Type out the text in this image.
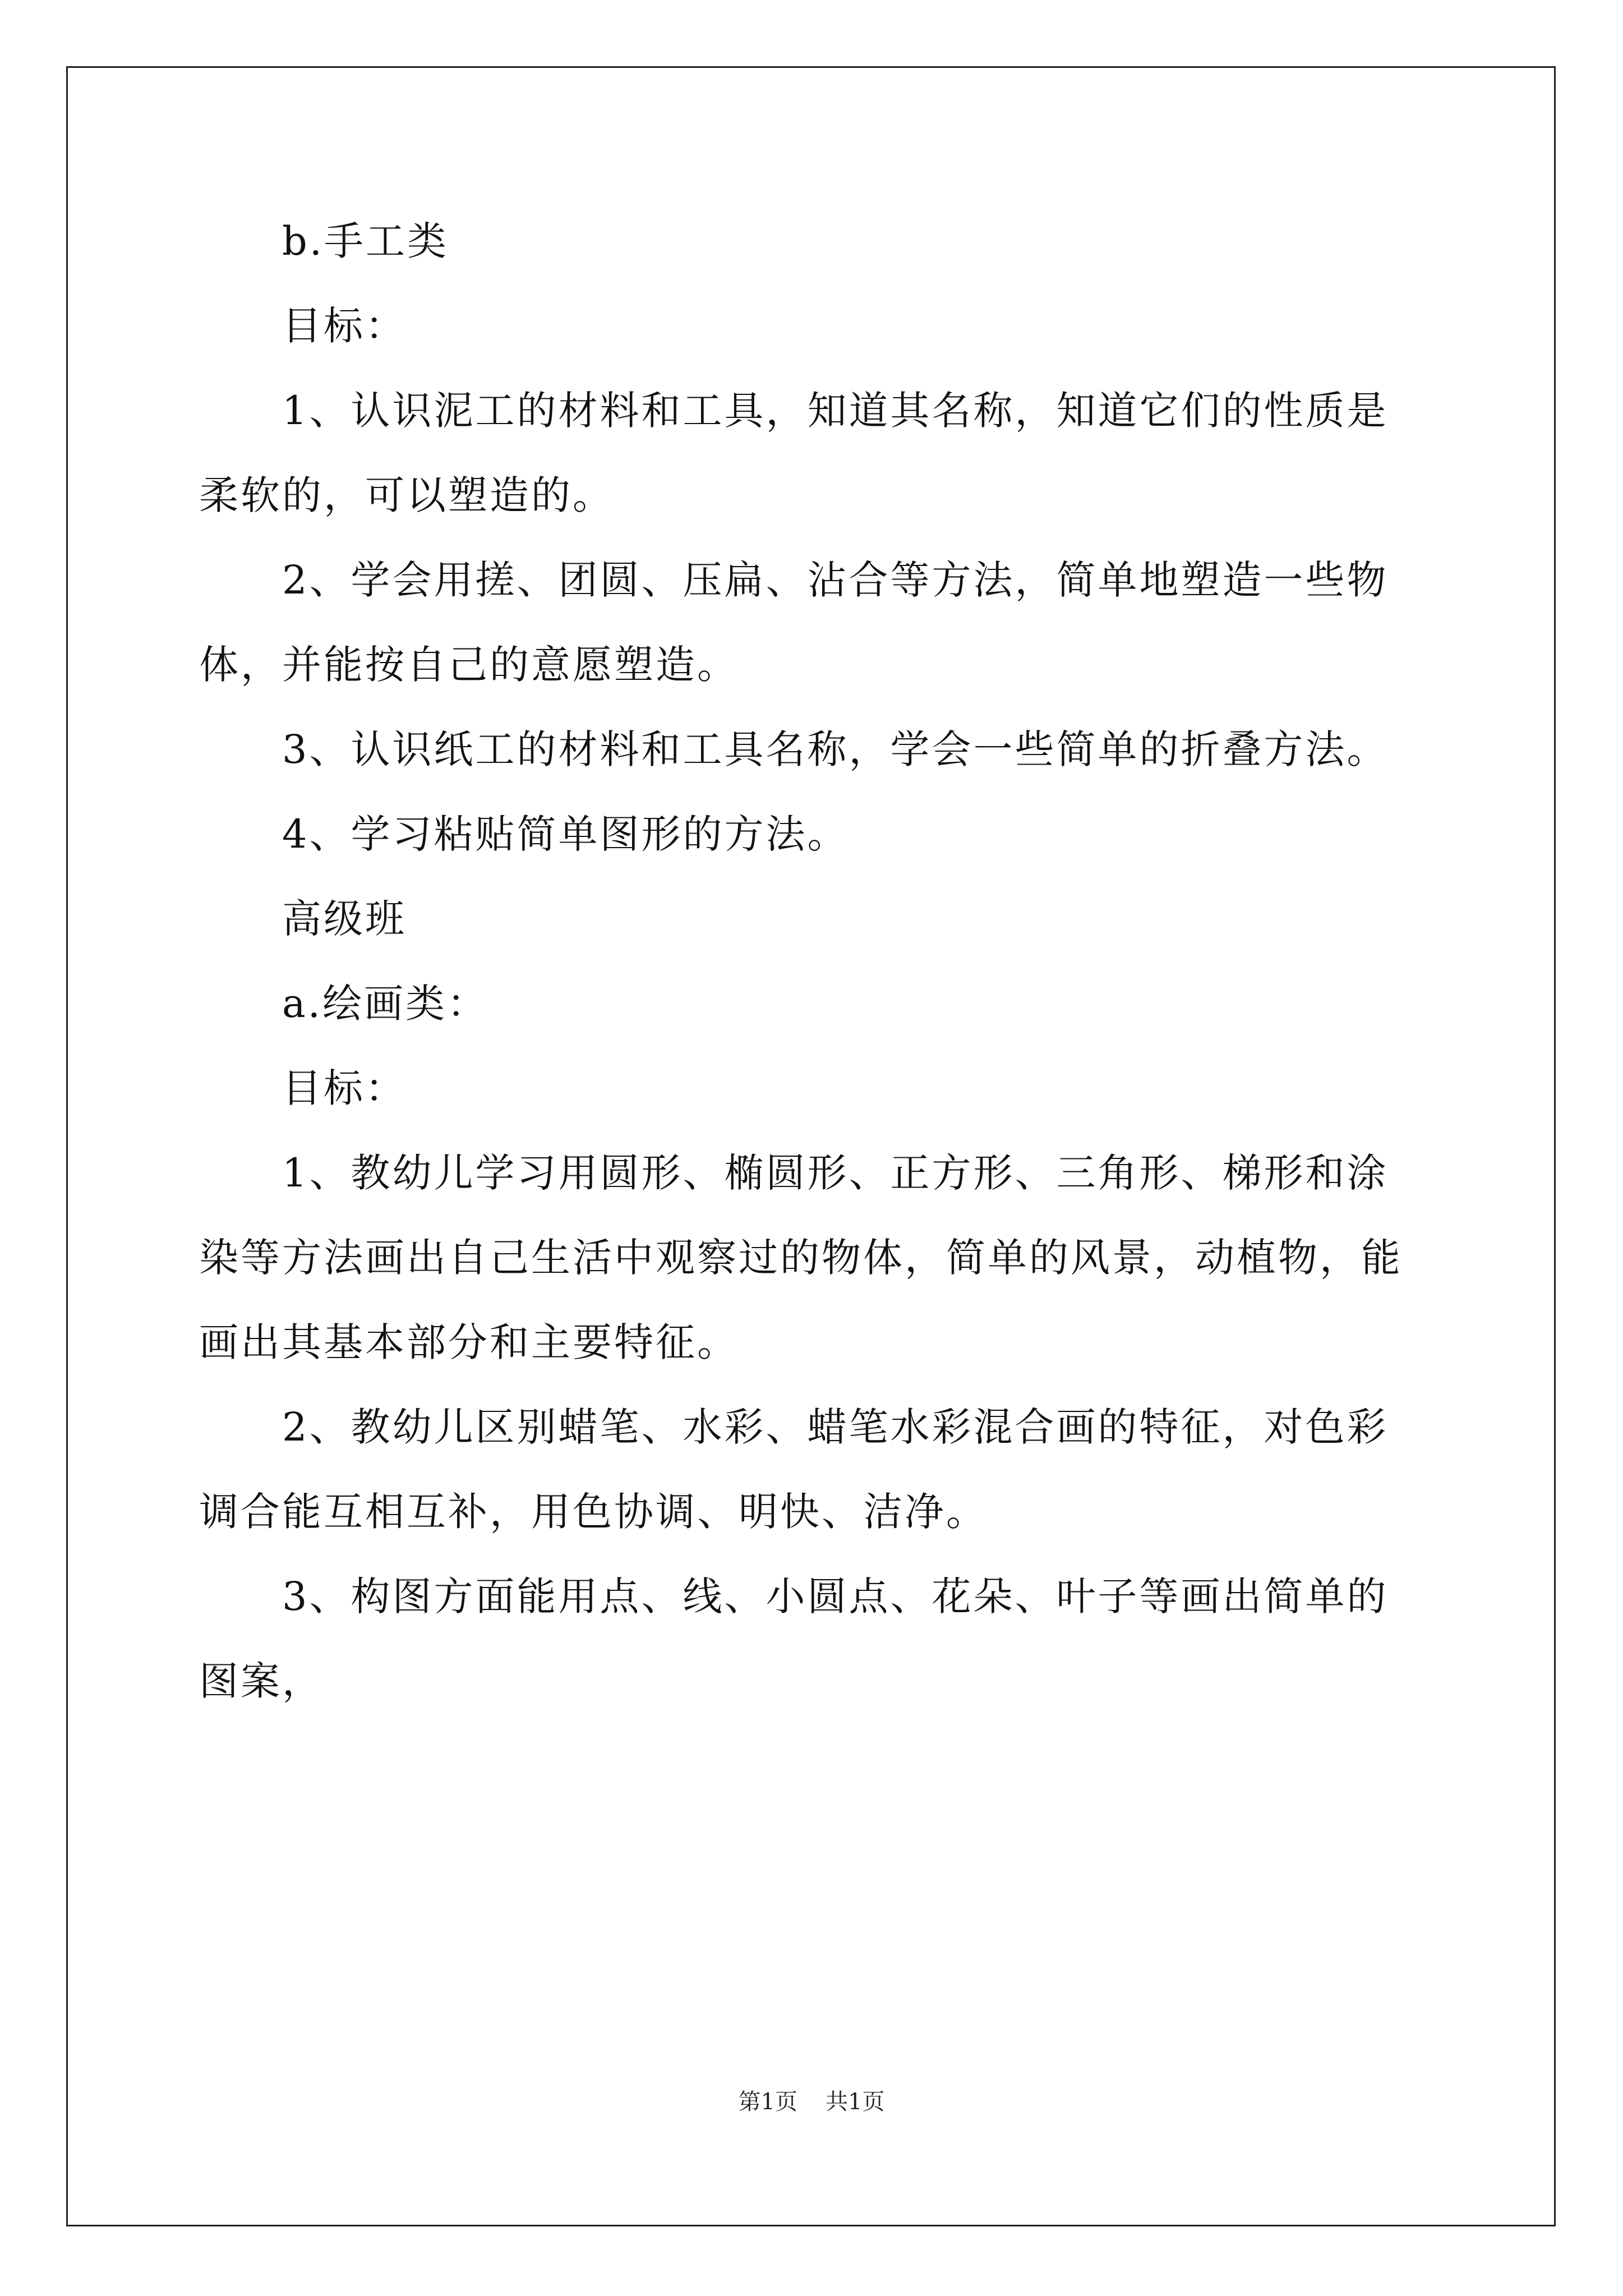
b.手工类

目标：

1、认识泥工的材料和工具，知道其名称，知道它们的性质是柔软的，可以塑造的。

2、学会用搓、团圆、压扁、沾合等方法，简单地塑造一些物体，并能按自己的意愿塑造。

3、认识纸工的材料和工具名称，学会一些简单的折叠方法。

4、学习粘贴简单图形的方法。

高级班

a.绘画类：

目标：

1、教幼儿学习用圆形、椭圆形、正方形、三角形、梯形和涂染等方法画出自己生活中观察过的物体，简单的风景，动植物，能画出其基本部分和主要特征。

2、教幼儿区别蜡笔、水彩、蜡笔水彩混合画的特征，对色彩调合能互相互补，用色协调、明快、洁净。

3、构图方面能用点、线、小圆点、花朵、叶子等画出简单的图案，

第1页 共1页
